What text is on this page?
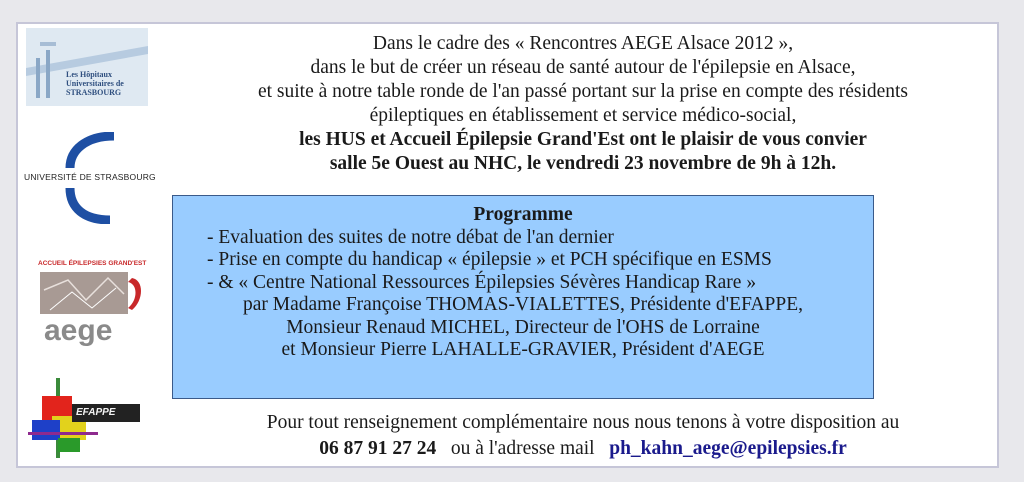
Les Hôpitaux Universitaires de STRASBOURG
UNIVERSITÉ DE STRASBOURG
ACCUEIL ÉPILEPSIES GRAND'EST
aege
EFAPPE
Dans le cadre des « Rencontres AEGE Alsace 2012 »,
dans le but de créer un réseau de santé autour de l'épilepsie en Alsace,
et suite à notre table ronde de l'an passé portant sur la prise en compte des résidents
épileptiques en établissement et service médico-social,
les HUS et Accueil Épilepsie Grand'Est ont le plaisir de vous convier
salle 5e Ouest au NHC, le vendredi 23 novembre de 9h à 12h.
Programme
- Evaluation des suites de notre débat de l'an dernier
- Prise en compte du handicap « épilepsie » et PCH spécifique en ESMS
- & « Centre National Ressources Épilepsies Sévères Handicap Rare »
par Madame Françoise THOMAS-VIALETTES, Présidente d'EFAPPE,
Monsieur Renaud MICHEL, Directeur de l'OHS de Lorraine
et Monsieur Pierre LAHALLE-GRAVIER, Président d'AEGE
Pour tout renseignement complémentaire nous nous tenons à votre disposition au
06 87 91 27 24 ou à l'adresse mail ph_kahn_aege@epilepsies.fr
